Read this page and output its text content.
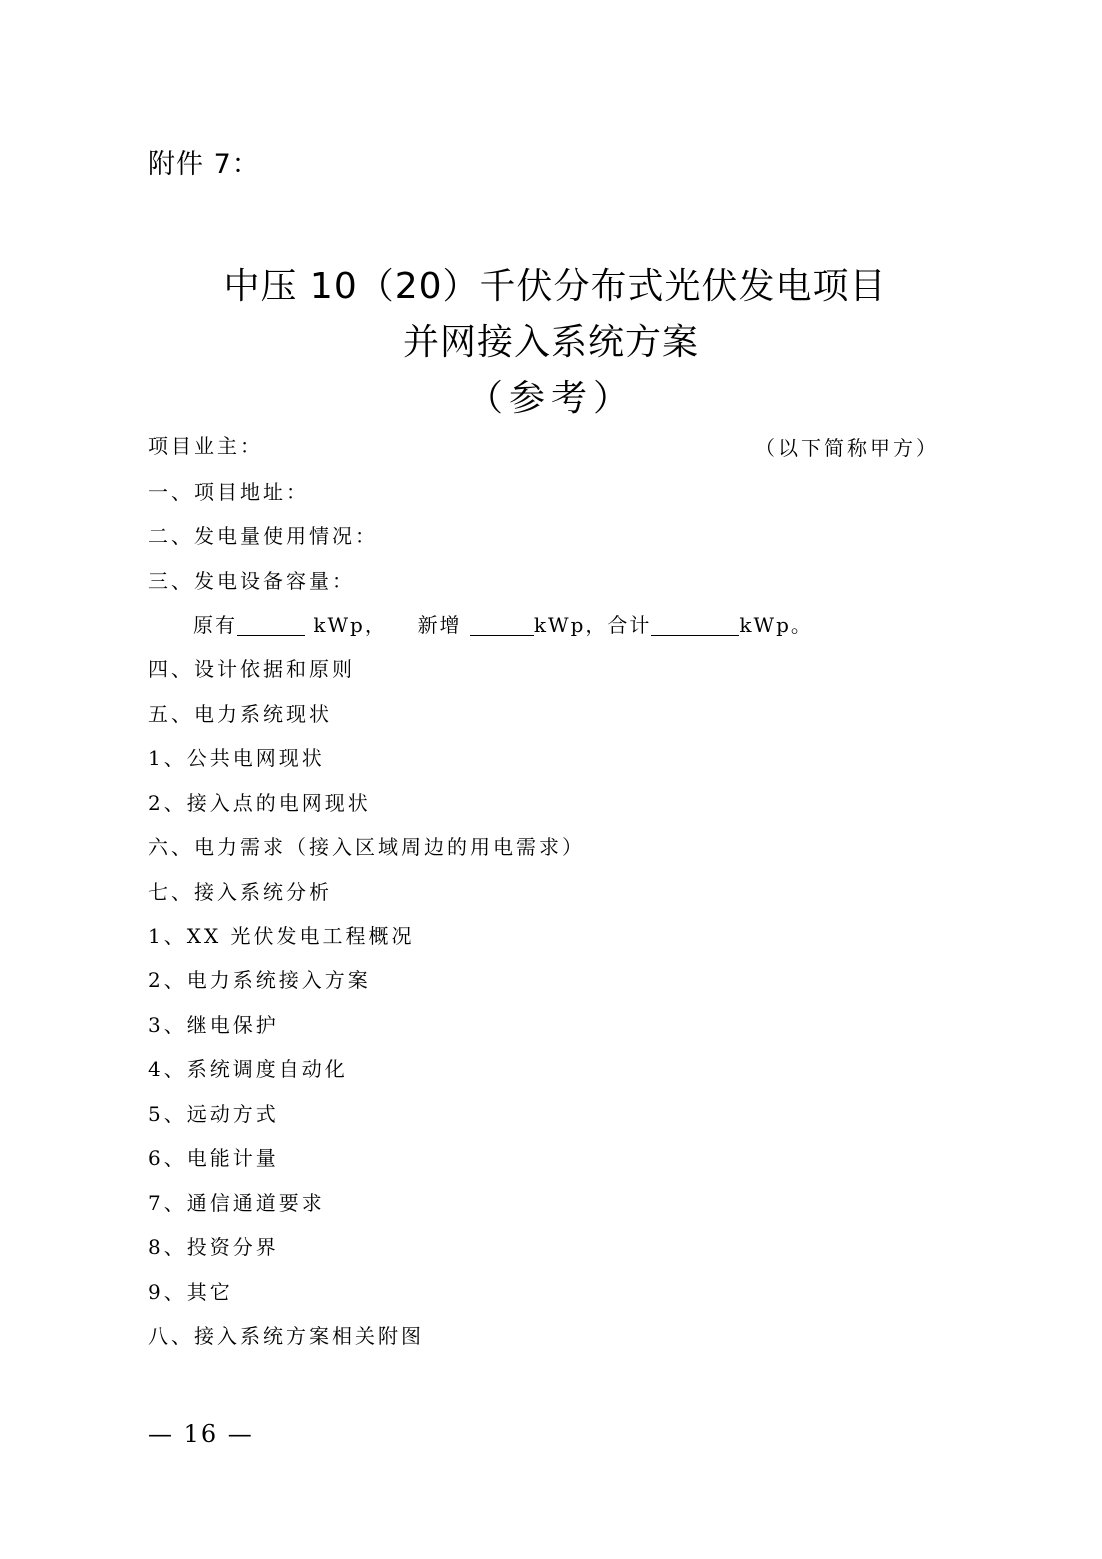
附件 7：
中压 10（20）千伏分布式光伏发电项目
并网接入系统方案
（参考）
项目业主：	（以下简称甲方）
一、项目地址：
二、发电量使用情况：
三、发电设备容量：
原有	kWp， 新增	kWp，合计	kWp。
四、设计依据和原则
五、电力系统现状
1、公共电网现状
2、接入点的电网现状
六、电力需求（接入区域周边的用电需求）
七、接入系统分析
1、XX 光伏发电工程概况
2、电力系统接入方案
3、继电保护
4、系统调度自动化
5、远动方式
6、电能计量
7、通信通道要求
8、投资分界
9、其它
八、接入系统方案相关附图
— 16 —
